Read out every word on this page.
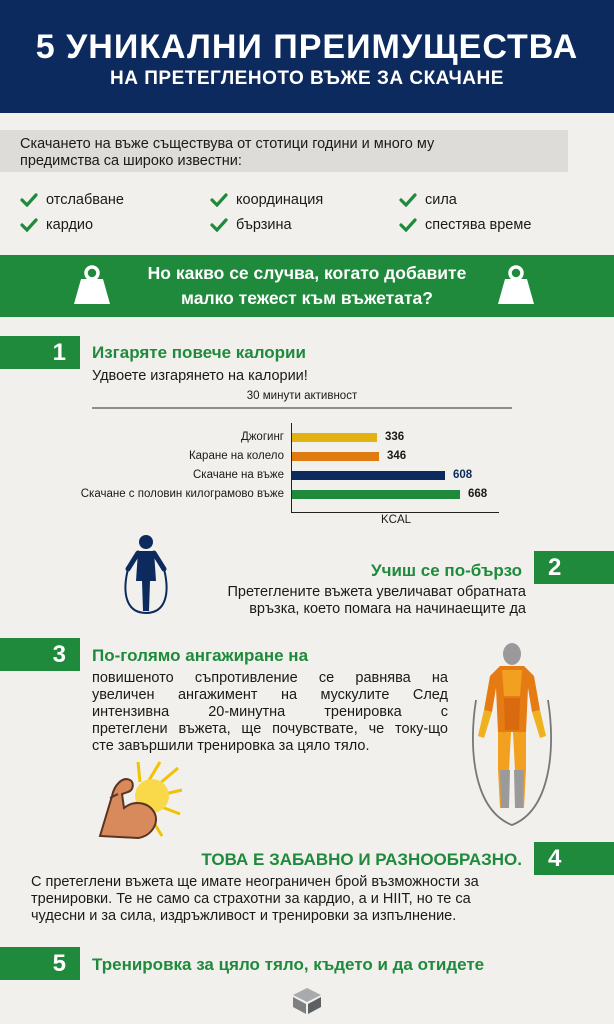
5 УНИКАЛНИ ПРЕИМУЩЕСТВА
НА ПРЕТЕГЛЕНОТО ВЪЖЕ ЗА СКАЧАНЕ
Скачането на въже съществува от стотици години и много му
предимства са широко известни:
отслабване	координация	сила
кардио	бързина	спестява време
Но какво се случва, когато добавите
малко тежест към въжетата?
1	Изгаряте повече калории
Удвоете изгарянето на калории!
30 минути активност
KCAL
Джогинг
Каране на колело
Скачане на въже
Скачане с половин килограмово въже
336
346
608
668
2
Учиш се по-бързо
Претеглените въжета увеличават обратната
връзка, което помага на начинаещите да
3	По-голямо ангажиране на
повишеното съпротивление се равнява на
увеличен ангажимент на мускулите След
интензивна 20-минутна тренировка с
претеглени въжета, ще почувствате, че току-що
сте завършили тренировка за цяло тяло.
4
ТОВА Е ЗАБАВНО И РАЗНООБРАЗНО.
С претеглени въжета ще имате неограничен брой възможности за
тренировки. Те не само са страхотни за кардио, а и HIIT, но те са
чудесни и за сила, издръжливост и тренировки за изпълнение.
5	Тренировка за цяло тяло, където и да отидете
